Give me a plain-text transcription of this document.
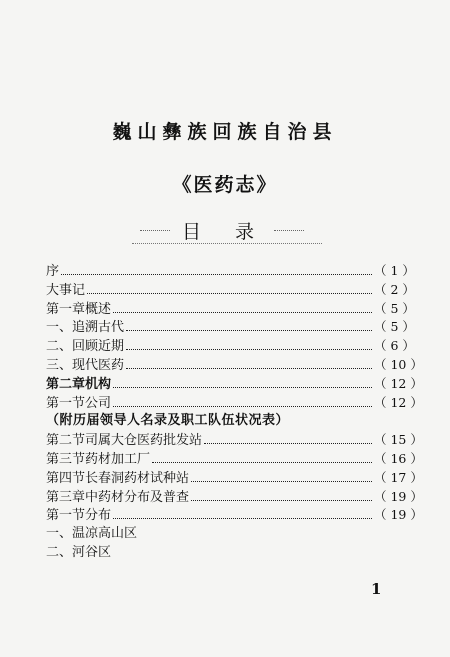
巍山彝族回族自治县
《医药志》
目 录
序	（ 1 ）
大事记	（ 2 ）
第一章概述	（ 5 ）
一、追溯古代	（ 5 ）
二、回顾近期	（ 6 ）
三、现代医药	（ 10 ）
第二章机构	（ 12 ）
第一节公司	（ 12 ）
（附历届领导人名录及职工队伍状况表）
第二节司属大仓医药批发站	（ 15 ）
第三节药材加工厂	（ 16 ）
第四节长春洞药材试种站	（ 17 ）
第三章中药材分布及普查	（ 19 ）
第一节分布	（ 19 ）
一、温凉高山区
二、河谷区
1
